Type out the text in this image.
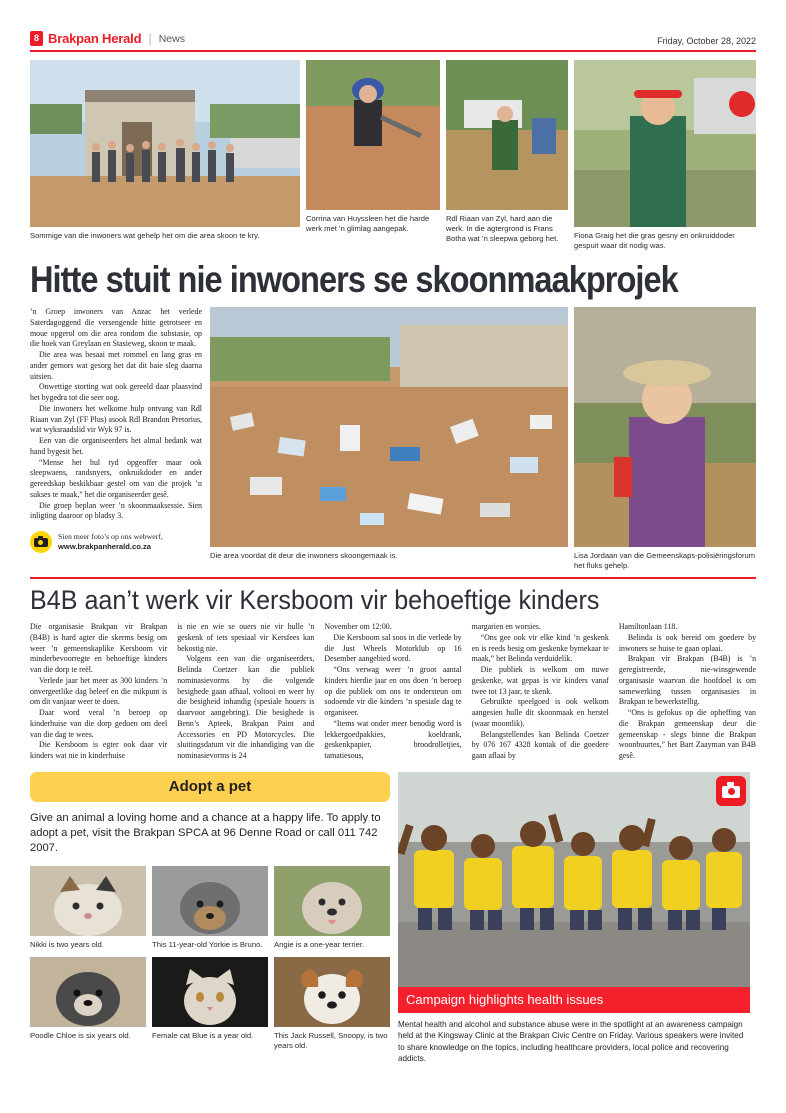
8 Brakpan Herald | News	Friday, October 28, 2022
Sommige van die inwoners wat gehelp het om die area skoon te kry.
Corrina van Huyssleen het die harde werk met ’n glimlag aangepak.
Rdl Riaan van Zyl, hard aan die werk. In die agtergrond is Frans Botha wat ’n sleepwa geborg het.	Fiona Graig het die gras gesny en onkruiddoder gespuit waar dit nodig was.
Hitte stuit nie inwoners se skoonmaakprojek

’n Groep inwoners van Anzac het verlede Saterdagoggend die versengende hitte getrotseer en moue opgerol om die area rondom die substasie, op die hoek van Greylaan en Stasieweg, skoon te maak.

Die area was besaai met rommel en lang gras en ander gemors wat gesorg het dat dit baie sleg daarna uitsien.

Onwettige storting wat ook gereeld daar plaasvind het bygedra tot die seer oog.

Die inwoners het welkome hulp ontvang van Rdl Riaan van Zyl (FF Plus) asook Rdl Brandon Pretorius, wat wyksraadslid vir Wyk 97 is.

Een van die organiseerders het almal bedank wat hand bygesit het.

“Mense het hul tyd opgeoffer maar ook sleepwaens, randsnyers, onkruikdoder en ander gereedskap beskikbaar gestel om van die projek ’n sukses te maak,” het die organiseerder gesê.

Die groep beplan weer ’n skoonmaaksessie. Sien inligting daaroor op bladsy 3.

Sien meer foto’s op ons webwerf,
www.brakpanherald.co.za
Die area voordat dit deur die inwoners skoongemaak is.	Lisa Jordaan van die Gemeenskaps-polisiëringsforum het fluks gehelp.
B4B aan’t werk vir Kersboom vir behoeftige kinders

Die organisasie Brakpan vir Brakpan (B4B) is hard agter die skerms besig om weer ’n gemeenskaplike Kersboom vir minderbevoorregte en behoeftige kinders van die dorp te reël.

Verlede jaar het meer as 300 kinders ’n onvergeetlike dag beleef en die mikpunt is om dit vanjaar weer te doen.

Daar word veral ’n beroep op kinderhuise van die dorp gedoen om deel van die dag te wees.

Die Kersboom is egter ook daar vir kinders wat nie in kinderhuise

is nie en wie se ouers nie vir hulle ’n geskenk of iets spesiaal vir Kersfees kan bekostig nie.

Volgens een van die organiseerders, Belinda Coetzer kan die publiek nominasievorms by die volgende besighede gaan afhaal, voltooi en weer by die besigheid inhandig (spesiale houers is daarvoor aangebring). Die besighede is Benn’s Apteek, Brakpan Paint and Accessories en PD Motorcycles. Die sluitingsdatum vir die inhandiging van die nominasievorms is 24

November om 12:00.

Die Kersboom sal soos in die verlede by die Just Wheels Motorklub op 16 Desember aangebied word.

“Ons verwag weer ’n groot aantal kinders hierdie jaar en ons doen ’n beroep op die publiek om ons te ondersteun om sodoende vir die kinders ’n spesiale dag te organiseer.

“Items wat onder meer benodig word is lekkergoedpakkies, koeldrank, geskenkpapier, broodrolletjies, tamatiesous,

margarien en worsies.

“Ons gee ook vir elke kind ’n geskenk en is reeds besig om geskenke bymekaar te maak,” het Belinda verduidelik.

Die publiek is welkom om nuwe geskenke, wat gepas is vir kinders vanaf twee tot 13 jaar, te skenk.

Gebruikte speelgoed is ook welkom aangesien hulle dit skoonmaak en herstel (waar moontlik).

Belangstellendes kan Belinda Coetzer by 076 167 4328 kontak of die goedere gaan aflaai by

Hamiltonlaan 118.

Belinda is ook bereid om goedere by inwoners se huise te gaan oplaai.

Brakpan vir Brakpan (B4B) is ’n geregistreerde, nie-winsgewende organisasie waarvan die hoofdoel is om samewerking tussen organisasies in Brakpan te bewerkstellig.

“Ons is gefokus op die opheffing van die Brakpan gemeenskap deur die gemeenskap - slegs binne die Brakpan woonbuurtes,” het Bart Zaayman van B4B gesê.

Adopt a pet
Give an animal a loving home and a chance at a happy life. To apply to adopt a pet, visit the Brakpan SPCA at 96 Denne Road or call 011 742 2007.
Nikki is two years old.	This 11-year-old Yorkie is Bruno.	Angie is a one-year terrier.
Poodle Chloe is six years old.	Female cat Blue is a year old.	This Jack Russell, Snoopy, is two years old.
Campaign highlights health issues
Mental health and alcohol and substance abuse were in the spotlight at an awareness campaign held at the Kingsway Clinic at the Brakpan Civic Centre on Friday. Various speakers were invited to share knowledge on the topics, including healthcare providers, local police and recovering addicts.
